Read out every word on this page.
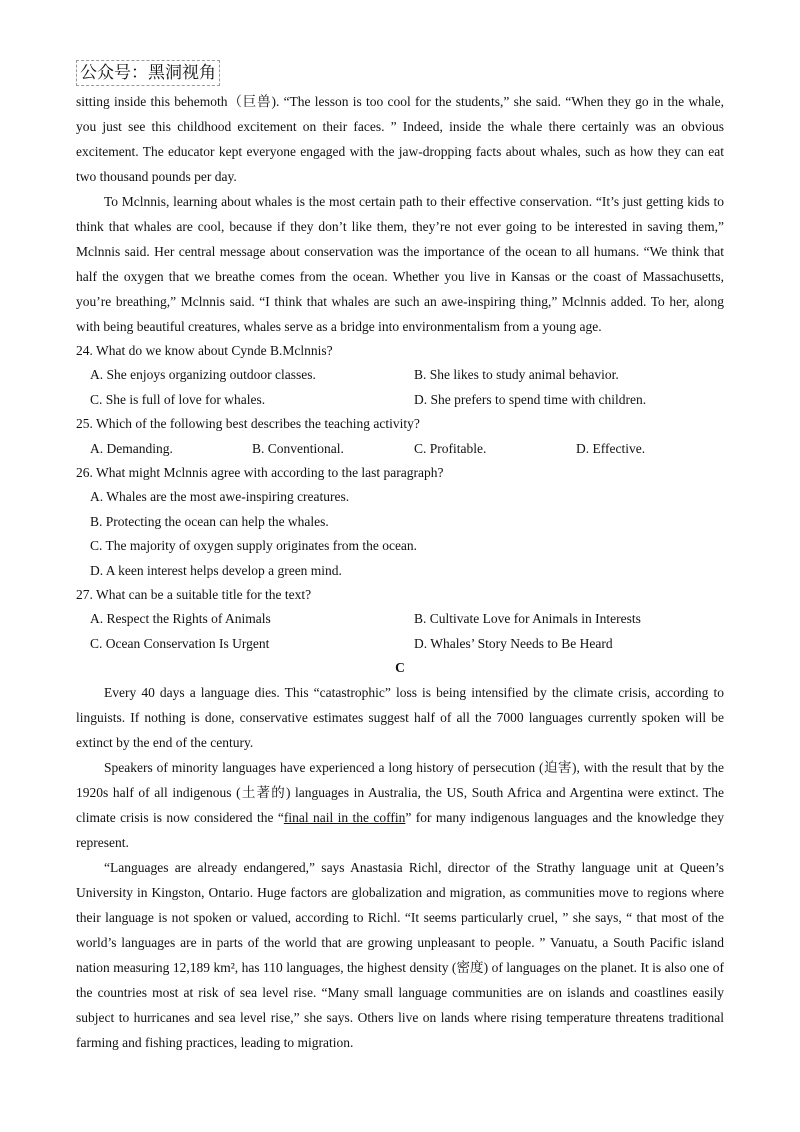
公众号：黑洞视角

sitting inside this behemoth（巨兽). “The lesson is too cool for the students,” she said. “When they go in the whale, you just see this childhood excitement on their faces. ” Indeed, inside the whale there certainly was an obvious excitement. The educator kept everyone engaged with the jaw-dropping facts about whales, such as how they can eat two thousand pounds per day.

To Mclnnis, learning about whales is the most certain path to their effective conservation. “It’s just getting kids to think that whales are cool, because if they don’t like them, they’re not ever going to be interested in saving them,” Mclnnis said. Her central message about conservation was the importance of the ocean to all humans. “We think that half the oxygen that we breathe comes from the ocean. Whether you live in Kansas or the coast of Massachusetts, you’re breathing,” Mclnnis said. “I think that whales are such an awe-inspiring thing,” Mclnnis added. To her, along with being beautiful creatures, whales serve as a bridge into environmentalism from a young age.

24. What do we know about Cynde B.Mclnnis?

A. She enjoys organizing outdoor classes.	B. She likes to study animal behavior.
C. She is full of love for whales.	D. She prefers to spend time with children.

25. Which of the following best describes the teaching activity?

A. Demanding.	B. Conventional.	C. Profitable.	D. Effective.

26. What might Mclnnis agree with according to the last paragraph?

A. Whales are the most awe-inspiring creatures.
B. Protecting the ocean can help the whales.
C. The majority of oxygen supply originates from the ocean.
D. A keen interest helps develop a green mind.

27. What can be a suitable title for the text?

A. Respect the Rights of Animals	B. Cultivate Love for Animals in Interests
C. Ocean Conservation Is Urgent	D. Whales’ Story Needs to Be Heard

C

Every 40 days a language dies. This “catastrophic” loss is being intensified by the climate crisis, according to linguists. If nothing is done, conservative estimates suggest half of all the 7000 languages currently spoken will be extinct by the end of the century.

Speakers of minority languages have experienced a long history of persecution (迫害), with the result that by the 1920s half of all indigenous (土著的) languages in Australia, the US, South Africa and Argentina were extinct. The climate crisis is now considered the “final nail in the coffin” for many indigenous languages and the knowledge they represent.

“Languages are already endangered,” says Anastasia Richl, director of the Strathy language unit at Queen’s University in Kingston, Ontario. Huge factors are globalization and migration, as communities move to regions where their language is not spoken or valued, according to Richl. “It seems particularly cruel, ” she says, “ that most of the world’s languages are in parts of the world that are growing unpleasant to people. ” Vanuatu, a South Pacific island nation measuring 12,189 km², has 110 languages, the highest density (密度) of languages on the planet. It is also one of the countries most at risk of sea level rise. “Many small language communities are on islands and coastlines easily subject to hurricanes and sea level rise,” she says. Others live on lands where rising temperature threatens traditional farming and fishing practices, leading to migration.
